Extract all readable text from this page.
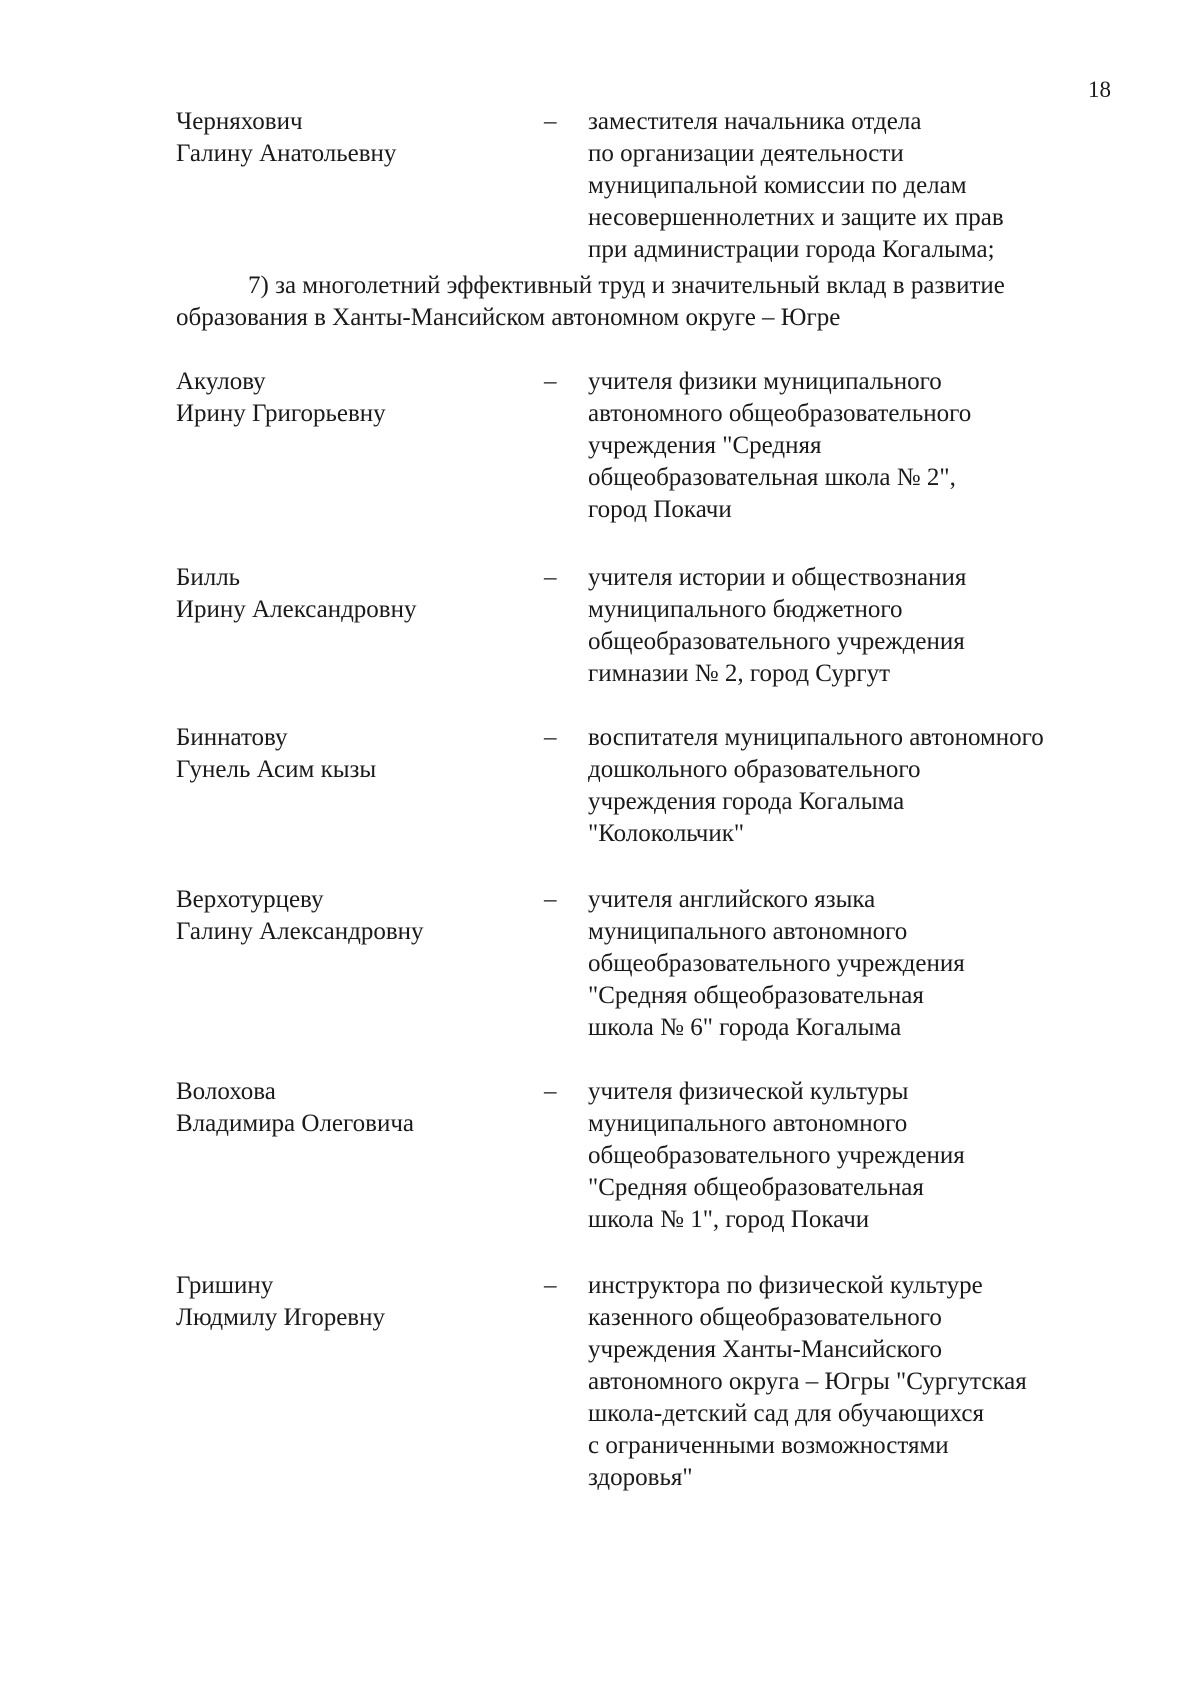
18
Черняхович
Галину Анатольевну
– заместителя начальника отдела
по организации деятельности
муниципальной комиссии по делам
несовершеннолетних и защите их прав
при администрации города Когалыма;
7) за многолетний эффективный труд и значительный вклад в развитие
образования в Ханты-Мансийском автономном округе – Югре
Акулову
Ирину Григорьевну
– учителя физики муниципального
автономного общеобразовательного
учреждения "Средняя
общеобразовательная школа № 2",
город Покачи
Билль
Ирину Александровну
– учителя истории и обществознания
муниципального бюджетного
общеобразовательного учреждения
гимназии № 2, город Сургут
Биннатову
Гунель Асим кызы
– воспитателя муниципального автономного
дошкольного образовательного
учреждения города Когалыма
"Колокольчик"
Верхотурцеву
Галину Александровну
– учителя английского языка
муниципального автономного
общеобразовательного учреждения
"Средняя общеобразовательная
школа № 6" города Когалыма
Волохова
Владимира Олеговича
– учителя физической культуры
муниципального автономного
общеобразовательного учреждения
"Средняя общеобразовательная
школа № 1", город Покачи
Гришину
Людмилу Игоревну
– инструктора по физической культуре
казенного общеобразовательного
учреждения Ханты-Мансийского
автономного округа – Югры "Сургутская
школа-детский сад для обучающихся
с ограниченными возможностями
здоровья"
